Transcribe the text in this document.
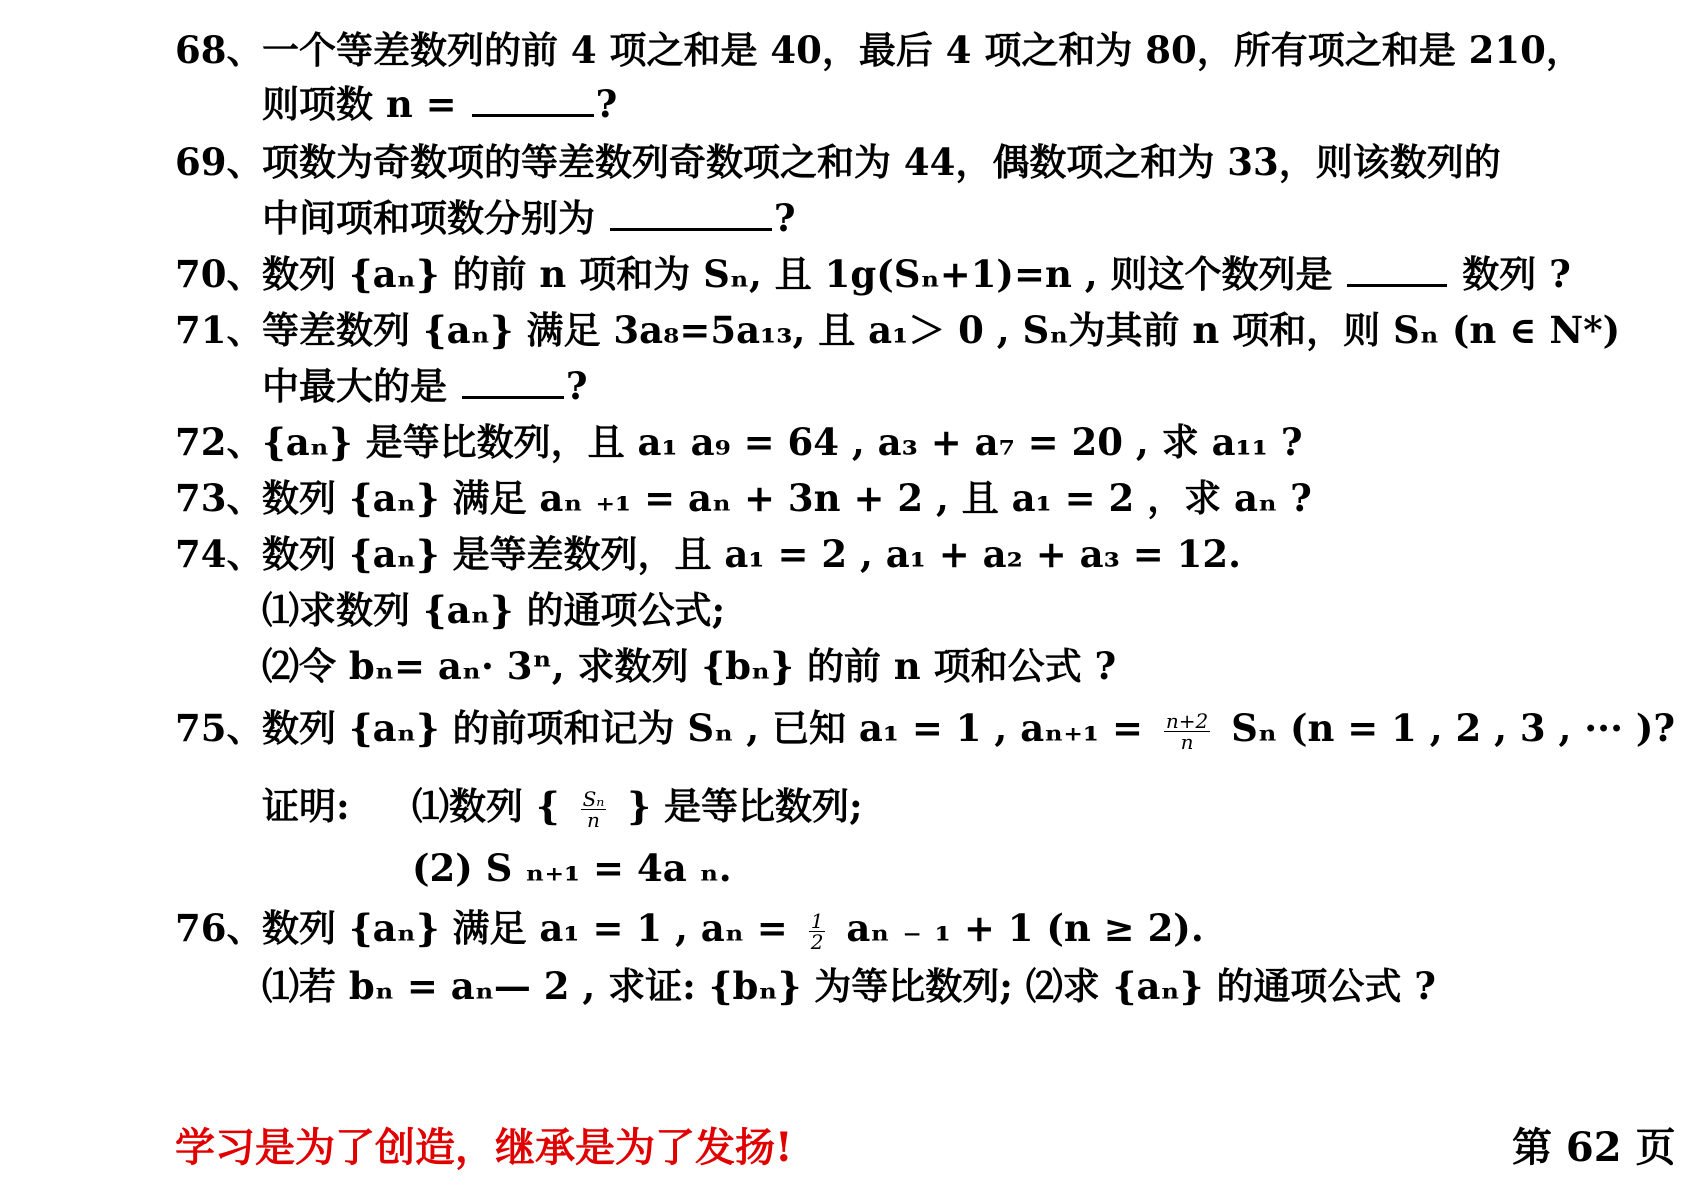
68、一个等差数列的前 4 项之和是 40，最后 4 项之和为 80，所有项之和是 210，
则项数 n =	?
69、项数为奇数项的等差数列奇数项之和为 44，偶数项之和为 33，则该数列的
中间项和项数分别为	?
70、数列 {aₙ} 的前 n 项和为 Sₙ, 且 1g(Sₙ+1)=n , 则这个数列是	数列 ?
71、等差数列 {aₙ} 满足 3a₈=5a₁₃, 且 a₁＞ 0 , Sₙ为其前 n 项和，则 Sₙ (n ∈ N*)
中最大的是	?
72、{aₙ} 是等比数列，且 a₁ a₉ = 64 , a₃ + a₇ = 20 , 求 a₁₁ ?
73、数列 {aₙ} 满足 aₙ ₊₁ = aₙ + 3n + 2 , 且 a₁ = 2 ，求 aₙ ?
74、数列 {aₙ} 是等差数列，且 a₁ = 2 , a₁ + a₂ + a₃ = 12.
⑴求数列 {aₙ} 的通项公式;
⑵令 bₙ= aₙ· 3ⁿ, 求数列 {bₙ} 的前 n 项和公式 ?
75、数列 {aₙ} 的前项和记为 Sₙ , 已知 a₁ = 1 , $a_{n+1} = \frac{n+2}{n}$ Sₙ (n = 1 , 2 , 3 , ··· )?
证明: ⑴数列 { $\frac{\text{Sₙ}}{n}$ } 是等比数列;
(2) S ₙ₊₁ = 4a ₙ.
76、数列 {aₙ} 满足 a₁ = 1 , $a_n = \frac{1}{2}$ aₙ ₋ ₁ + 1 (n ≥ 2).
⑴若 bₙ = aₙ— 2 , 求证: {bₙ} 为等比数列; ⑵求 {aₙ} 的通项公式 ?
学习是为了创造，继承是为了发扬!	第 62 页
